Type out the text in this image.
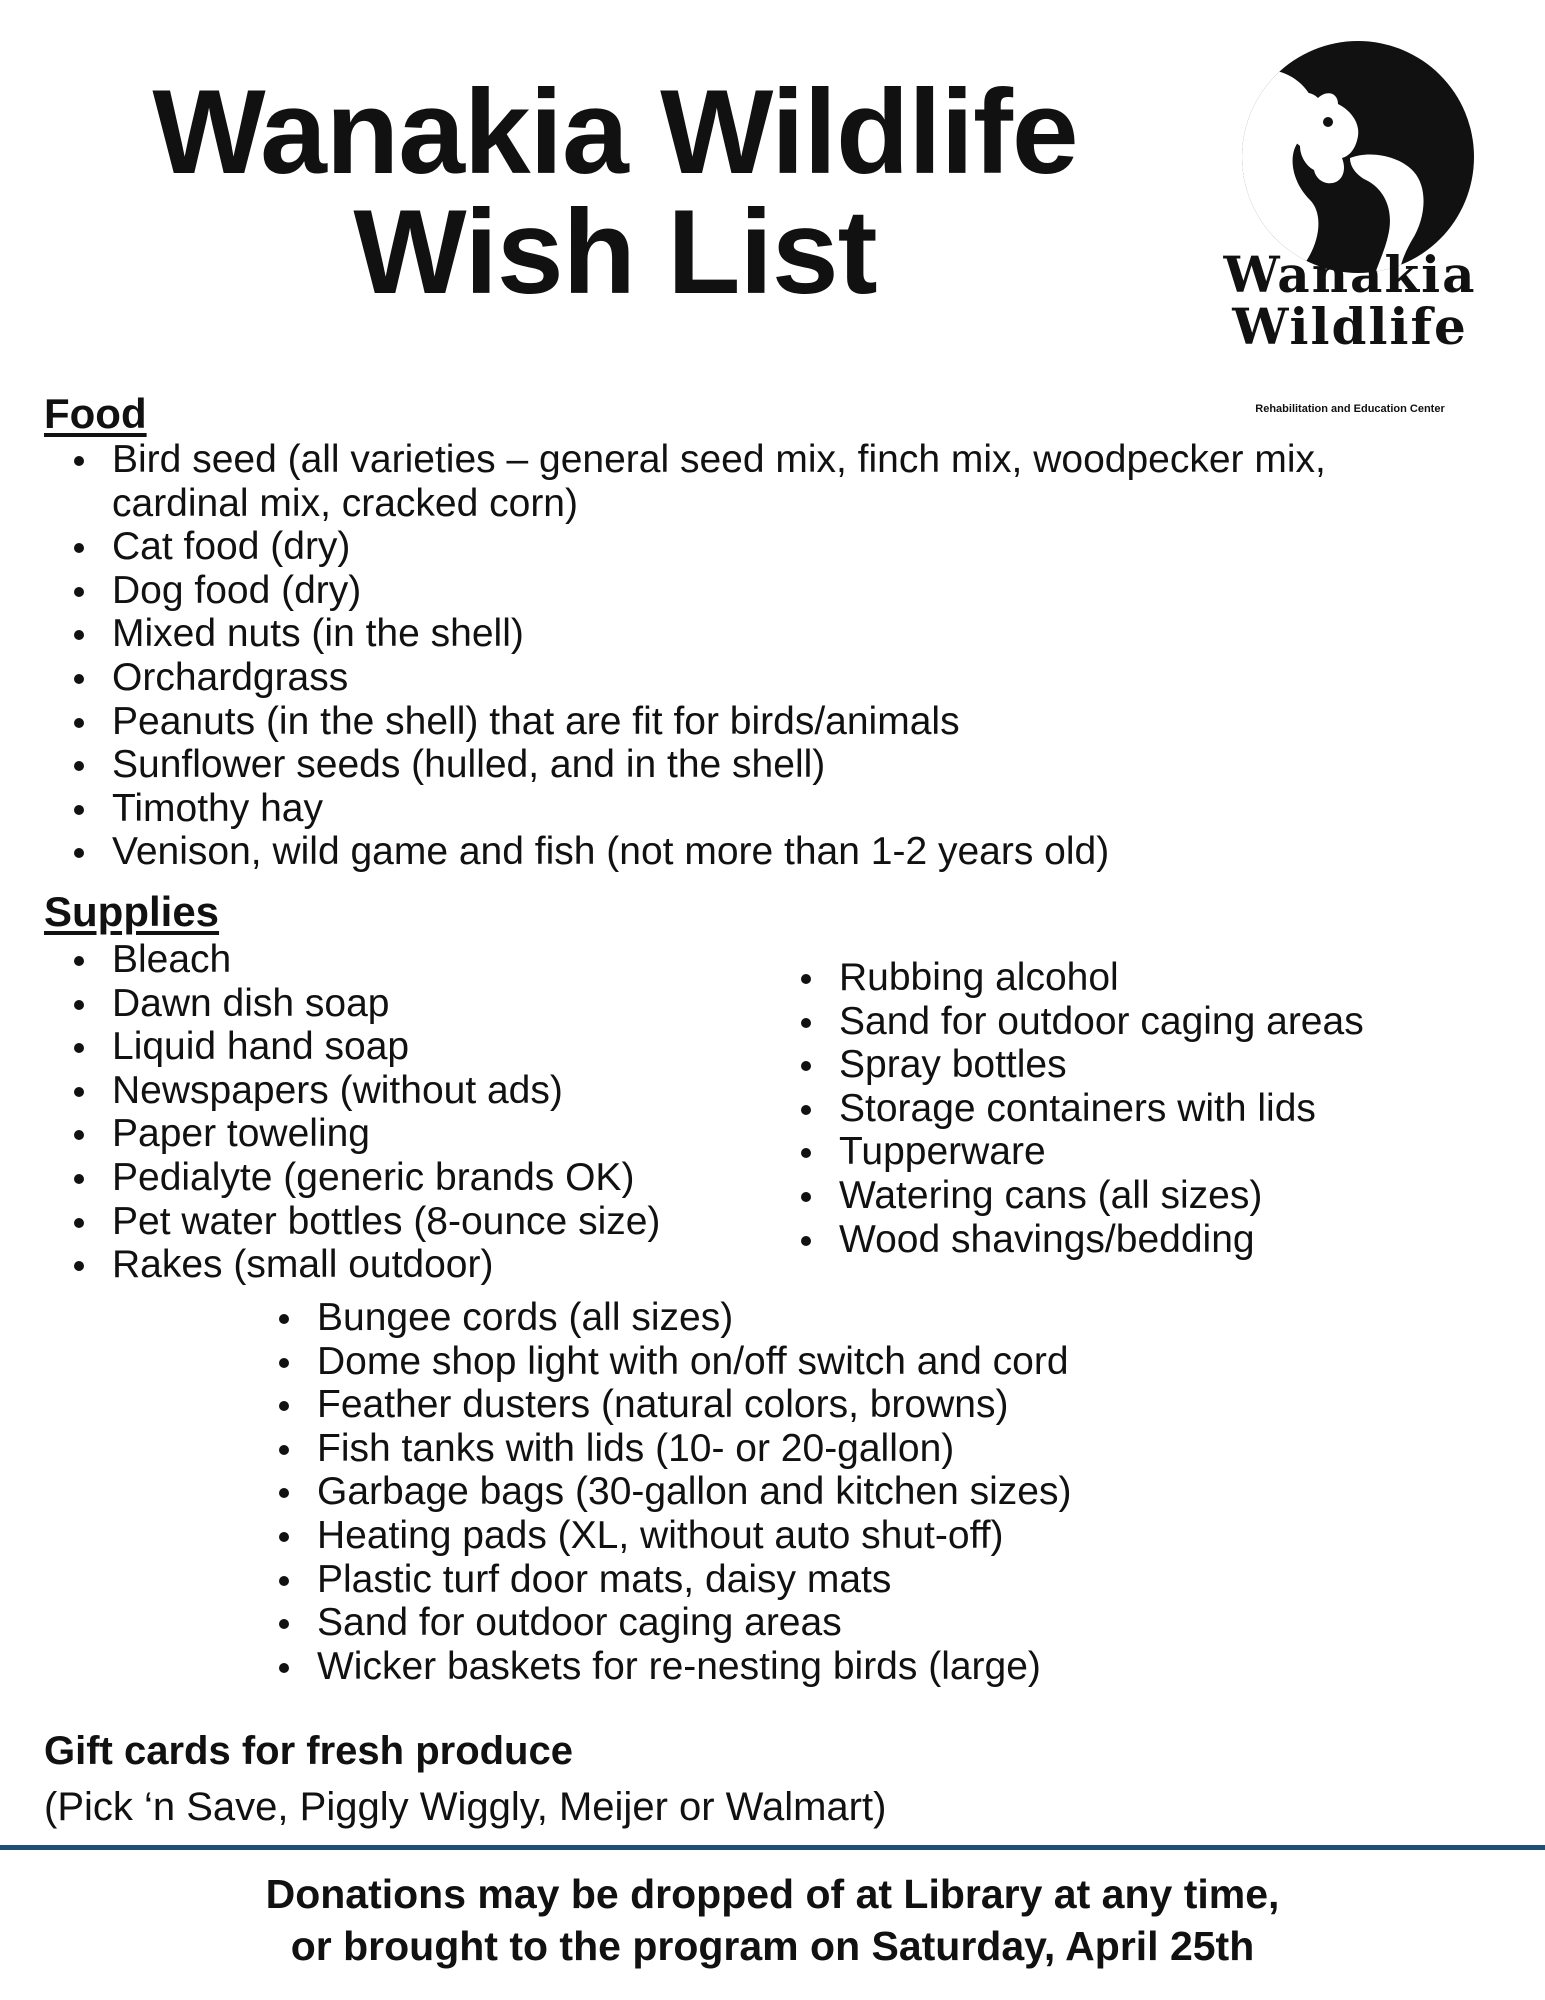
Wanakia Wildlife
Wish List	Wanakia
Wildlife
Rehabilitation and Education Center
Food
Bird seed (all varieties – general seed mix, finch mix, woodpecker mix, cardinal mix, cracked corn)
Cat food (dry)
Dog food (dry)
Mixed nuts (in the shell)
Orchardgrass
Peanuts (in the shell) that are fit for birds/animals
Sunflower seeds (hulled, and in the shell)
Timothy hay
Venison, wild game and fish (not more than 1-2 years old)
Supplies
Bleach
Dawn dish soap
Liquid hand soap
Newspapers (without ads)
Paper toweling
Pedialyte (generic brands OK)
Pet water bottles (8-ounce size)
Rakes (small outdoor)
Rubbing alcohol
Sand for outdoor caging areas
Spray bottles
Storage containers with lids
Tupperware
Watering cans (all sizes)
Wood shavings/bedding
Bungee cords (all sizes)
Dome shop light with on/off switch and cord
Feather dusters (natural colors, browns)
Fish tanks with lids (10- or 20-gallon)
Garbage bags (30-gallon and kitchen sizes)
Heating pads (XL, without auto shut-off)
Plastic turf door mats, daisy mats
Sand for outdoor caging areas
Wicker baskets for re-nesting birds (large)

Gift cards for fresh produce

(Pick ‘n Save, Piggly Wiggly, Meijer or Walmart)

Donations may be dropped of at Library at any time,
or brought to the program on Saturday, April 25th
